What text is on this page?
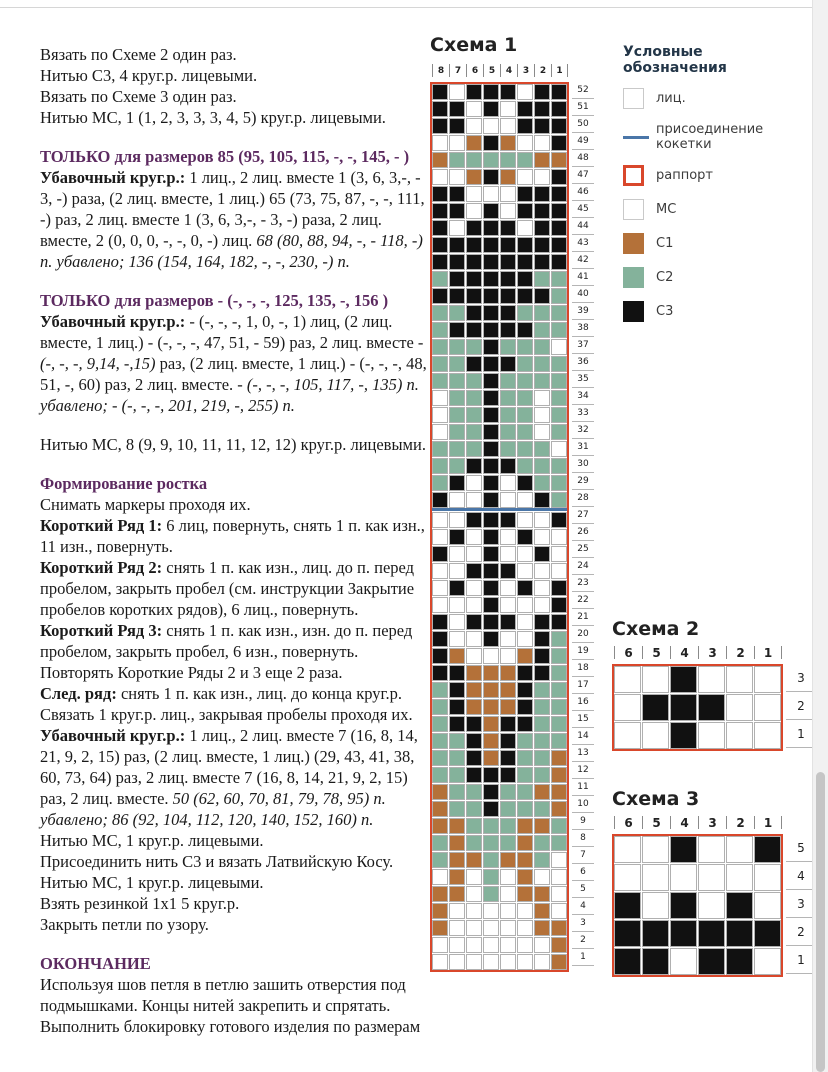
Вязать по Схеме 2 один раз.

Нитью С3, 4 круг.р. лицевыми.

Вязать по Схеме 3 один раз.

Нитью МС, 1 (1, 2, 3, 3, 3, 4, 5) круг.р. лицевыми.

ТОЛЬКО для размеров 85 (95, 105, 115, -, -, 145, - )

Убавочный круг.р.: 1 лиц., 2 лиц. вместе 1 (3, 6, 3,-, - 3, -) раза, (2 лиц. вместе, 1 лиц.) 65 (73, 75, 87, -, -, 111, -) раз, 2 лиц. вместе 1 (3, 6, 3,-, - 3, -) раза, 2 лиц. вместе, 2 (0, 0, 0, -, -, 0, -) лиц. 68 (80, 88, 94, -, - 118, -) п. убавлено; 136 (154, 164, 182, -, -, 230, -) п.

ТОЛЬКО для размеров - (-, -, -, 125, 135, -, 156 )

Убавочный круг.р.: - (-, -, -, 1, 0, -, 1) лиц, (2 лиц. вместе, 1 лиц.) - (-, -, -, 47, 51, - 59) раз, 2 лиц. вместе - (-, -, -, 9,14, -,15) раз, (2 лиц. вместе, 1 лиц.) - (-, -, -, 48, 51, -, 60) раз, 2 лиц. вместе. - (-, -, -, 105, 117, -, 135) п. убавлено; - (-, -, -, 201, 219, -, 255) п.

Нитью МС, 8 (9, 9, 10, 11, 11, 12, 12) круг.р. лицевыми.

Формирование ростка

Снимать маркеры проходя их.

Короткий Ряд 1: 6 лиц, повернуть, снять 1 п. как изн., 11 изн., повернуть.

Короткий Ряд 2: снять 1 п. как изн., лиц. до п. перед пробелом, закрыть пробел (см. инструкции Закрытие пробелов коротких рядов), 6 лиц., повернуть.

Короткий Ряд 3: снять 1 п. как изн., изн. до п. перед пробелом, закрыть пробел, 6 изн., повернуть.

Повторять Короткие Ряды 2 и 3 еще 2 раза.

След. ряд: снять 1 п. как изн., лиц. до конца круг.р. Связать 1 круг.р. лиц., закрывая пробелы проходя их.

Убавочный круг.р.: 1 лиц., 2 лиц. вместе 7 (16, 8, 14, 21, 9, 2, 15) раз, (2 лиц. вместе, 1 лиц.) (29, 43, 41, 38, 60, 73, 64) раз, 2 лиц. вместе 7 (16, 8, 14, 21, 9, 2, 15) раз, 2 лиц. вместе. 50 (62, 60, 70, 81, 79, 78, 95) п. убавлено; 86 (92, 104, 112, 120, 140, 152, 160) п.

Нитью МС, 1 круг.р. лицевыми.

Присоединить нить С3 и вязать Латвийскую Косу.

Нитью МС, 1 круг.р. лицевыми.

Взять резинкой 1х1 5 круг.р.

Закрыть петли по узору.

ОКОНЧАНИЕ

Используя шов петля в петлю зашить отверстия под подмышками. Концы нитей закрепить и спрятать.

Выполнить блокировку готового изделия по размерам

Схема 1
8	7	6	5	4	3	2	1
52
51
50
49
48
47
46
45
44
43
42
41
40
39
38
37
36
35
34
33
32
31
30
29
28
27
26
25
24
23
22
21
20
19
18
17
16
15
14
13
12
11
10
9
8
7
6
5
4
3
2
1
Условные обозначения
лиц.
присоединение кокетки
раппорт
МС
С1
С2
С3
Схема 2
6	5	4	3	2	1
3
2
1
Схема 3
6	5	4	3	2	1
5
4
3
2
1
